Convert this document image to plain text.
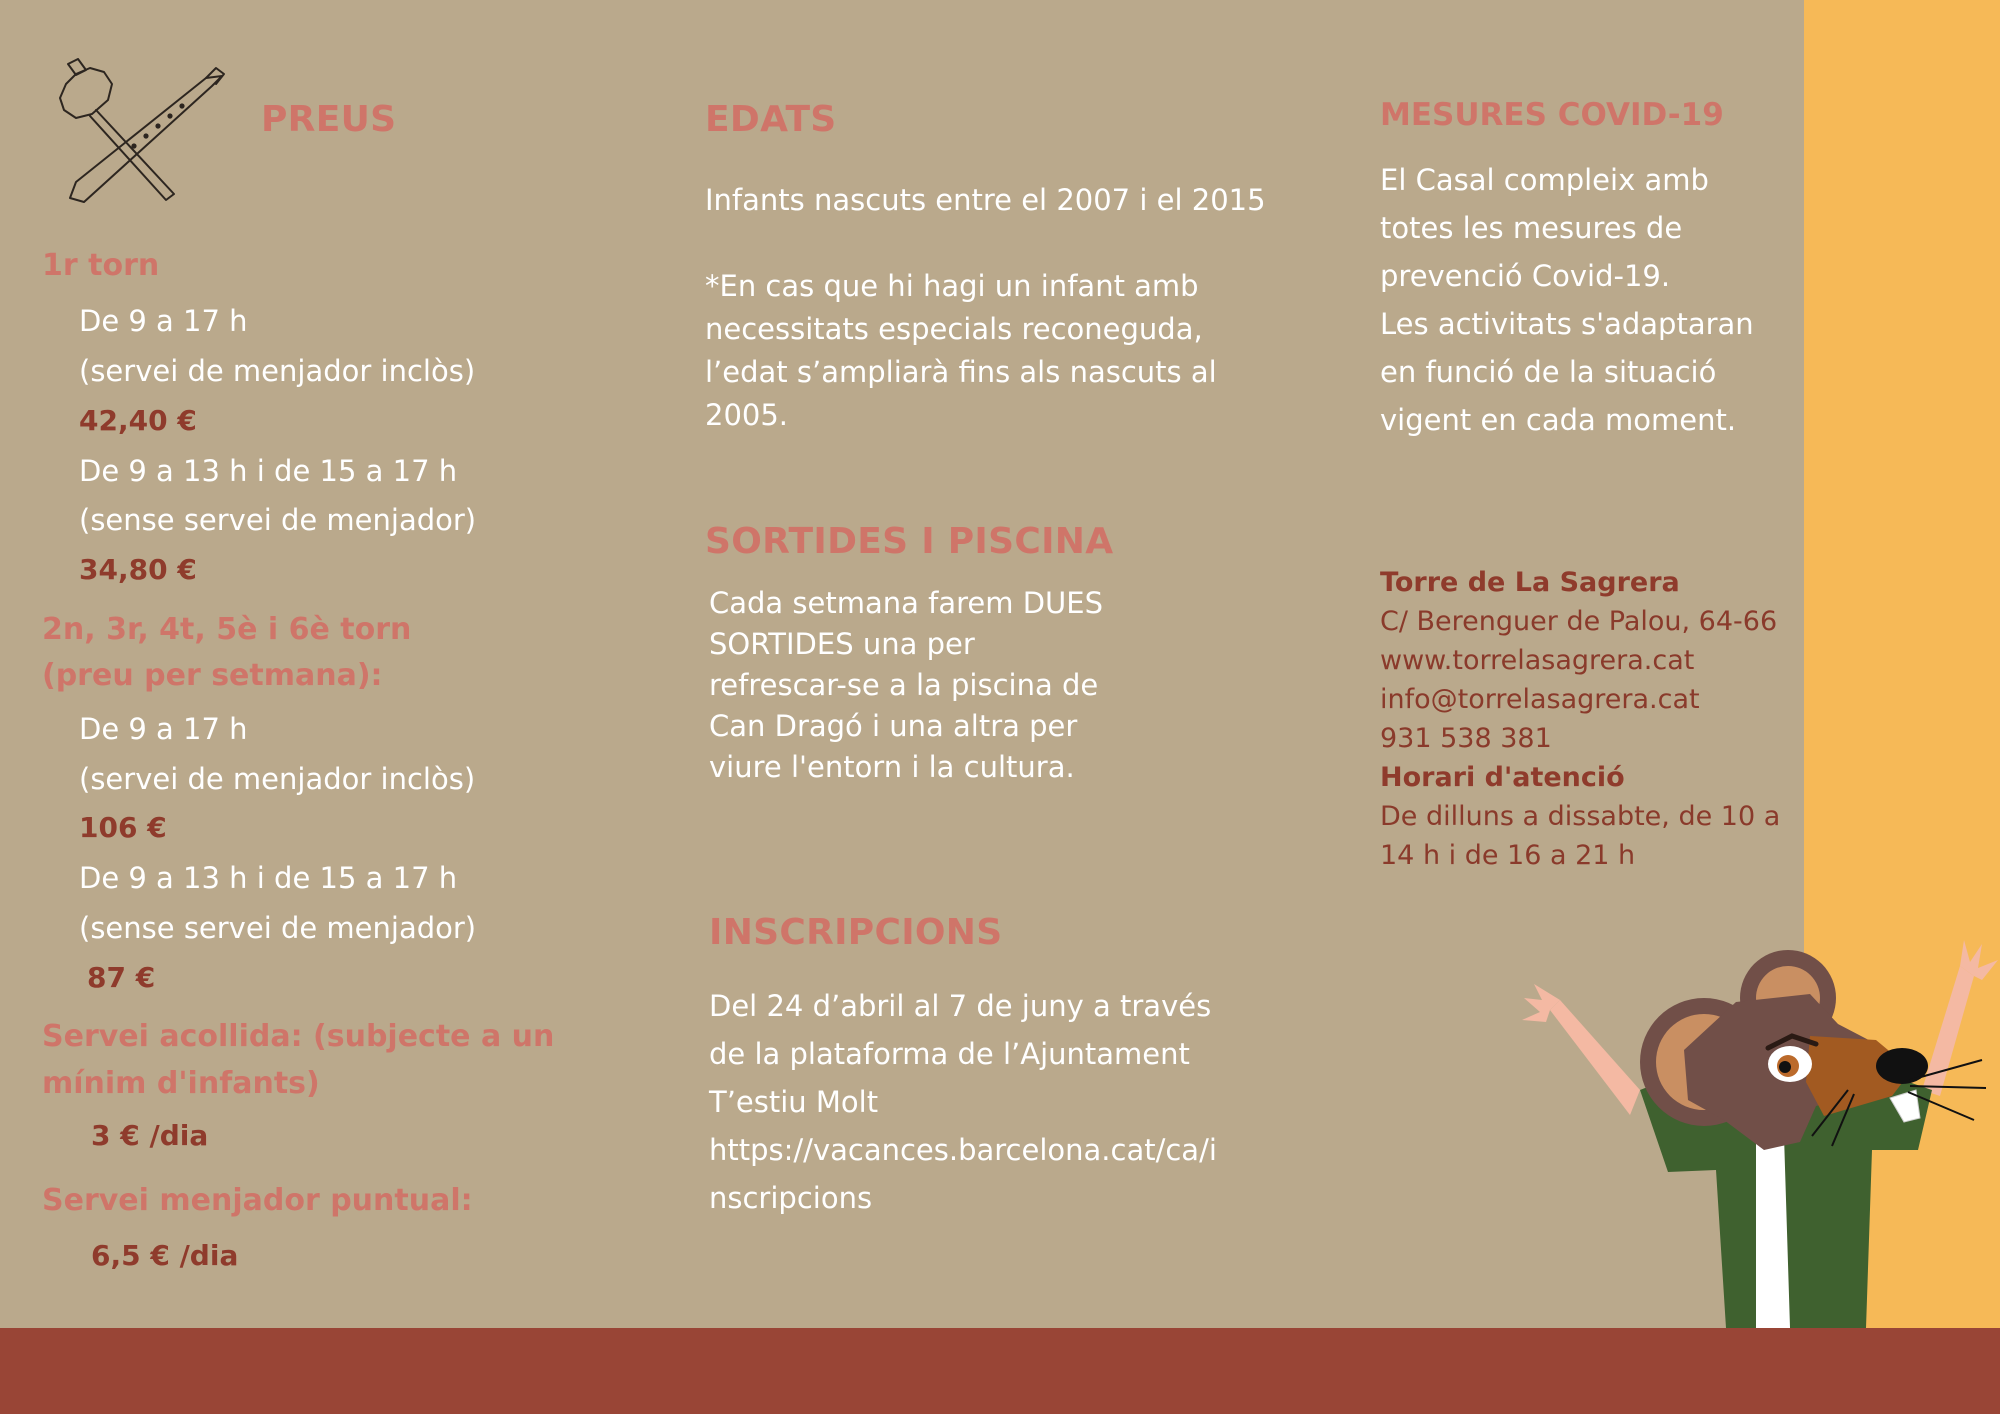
PREUS
1r torn
De 9 a 17 h
(servei de menjador inclòs)
42,40 €
De 9 a 13 h i de 15 a 17 h
(sense servei de menjador)
34,80 €
2n, 3r, 4t, 5è i 6è torn
(preu per setmana):
De 9 a 17 h
(servei de menjador inclòs)
106 €
De 9 a 13 h i de 15 a 17 h
(sense servei de menjador)
87 €
Servei acollida: (subjecte a un
mínim d'infants)
3 € /dia
Servei menjador puntual:
6,5 € /dia
EDATS
Infants nascuts entre el 2007 i el 2015
*En cas que hi hagi un infant amb
necessitats especials reconeguda,
l’edat s’ampliarà fins als nascuts al
2005.
SORTIDES I PISCINA
Cada setmana farem DUES
SORTIDES una per
refrescar-se a la piscina de
Can Dragó i una altra per
viure l'entorn i la cultura.
INSCRIPCIONS
Del 24 d’abril al 7 de juny a través
de la plataforma de l’Ajuntament
T’estiu Molt
https://vacances.barcelona.cat/ca/i
nscripcions
MESURES COVID-19
El Casal compleix amb
totes les mesures de
prevenció Covid-19.
Les activitats s'adaptaran
en funció de la situació
vigent en cada moment.
Torre de La Sagrera
C/ Berenguer de Palou, 64-66
www.torrelasagrera.cat
info@torrelasagrera.cat
931 538 381
Horari d'atenció
De dilluns a dissabte, de 10 a
14 h i de 16 a 21 h
